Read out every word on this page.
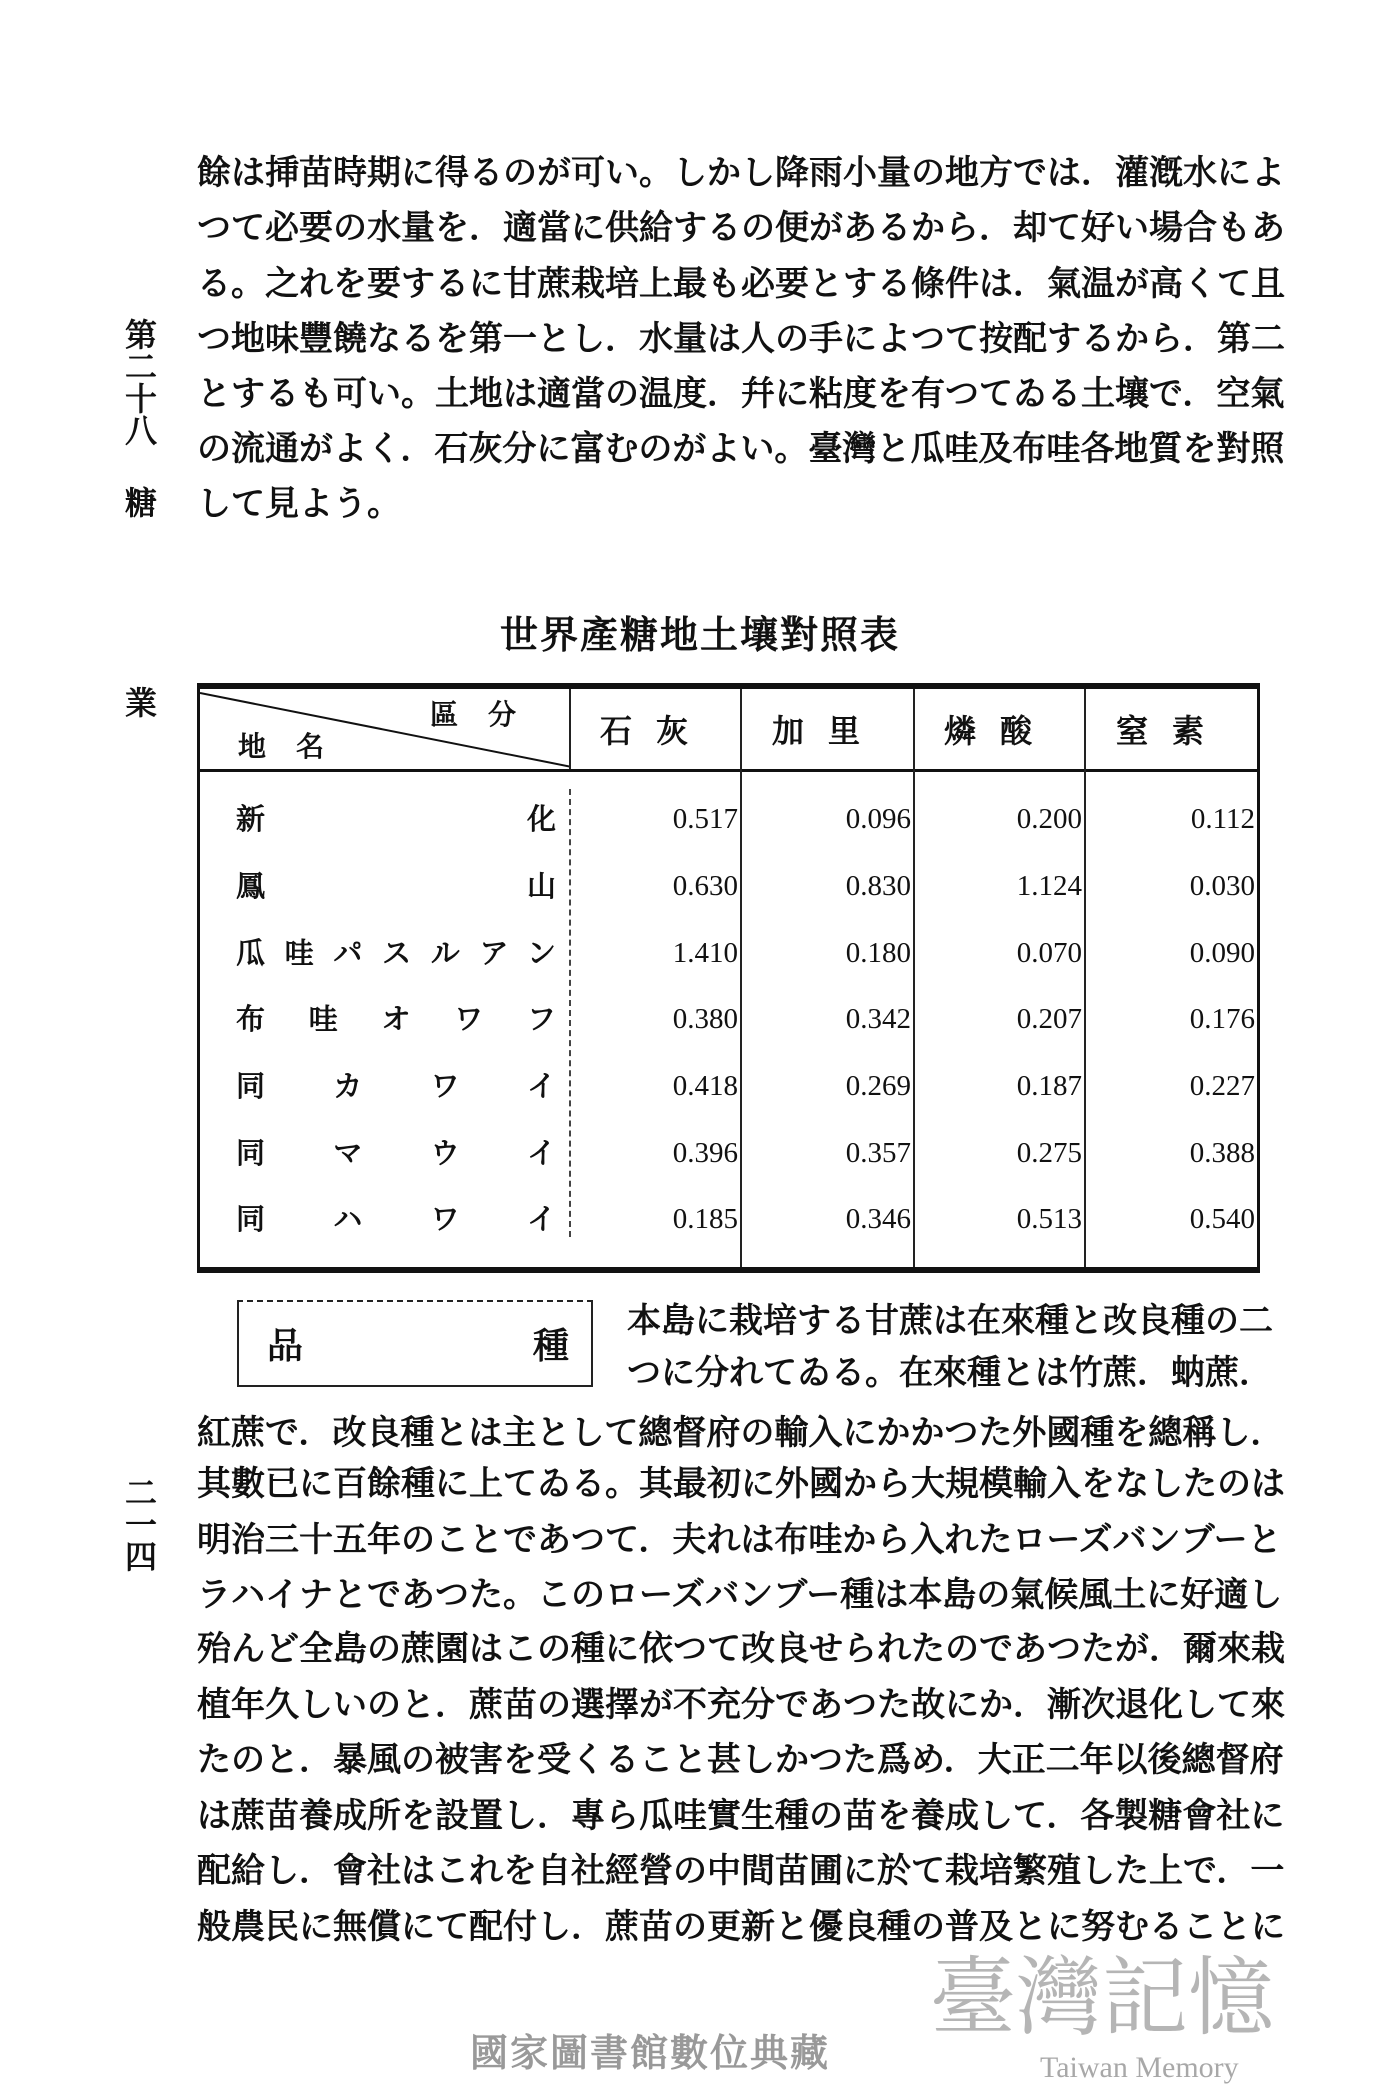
第二十八
糖
業
二一四
餘は挿苗時期に得るのが可い。しかし降雨小量の地方では．灌漑水によ
つて必要の水量を．適當に供給するの便があるから．却て好い場合もあ
る。之れを要するに甘蔗栽培上最も必要とする條件は．氣温が高くて且
つ地味豐饒なるを第一とし．水量は人の手によつて按配するから．第二
とするも可い。土地は適當の温度．幷に粘度を有つてゐる土壤で．空氣
の流通がよく．石灰分に富むのがよい。臺灣と瓜哇及布哇各地質を對照
して見よう。
世界產糖地土壤對照表
區分
地名	石灰	加里	燐酸	窒素
新　化	0.517	0.096	0.200	0.112
鳳　山	0.630	0.830	1.124	0.030
瓜哇パスルアン	1.410	0.180	0.070	0.090
布哇オワフ	0.380	0.342	0.207	0.176
同カワイ	0.418	0.269	0.187	0.227
同マウイ	0.396	0.357	0.275	0.388
同ハワイ	0.185	0.346	0.513	0.540
品	種
本島に栽培する甘蔗は在來種と改良種の二
つに分れてゐる。在來種とは竹蔗．蚋蔗．
紅蔗で．改良種とは主として總督府の輸入にかかつた外國種を總稱し．
其數已に百餘種に上てゐる。其最初に外國から大規模輸入をなしたのは
明治三十五年のことであつて．夫れは布哇から入れたローズバンブーと
ラハイナとであつた。このローズバンブー種は本島の氣候風土に好適し
殆んど全島の蔗園はこの種に依つて改良せられたのであつたが．爾來栽
植年久しいのと．蔗苗の選擇が不充分であつた故にか．漸次退化して來
たのと．暴風の被害を受くること甚しかつた爲め．大正二年以後總督府
は蔗苗養成所を設置し．專ら瓜哇實生種の苗を養成して．各製糖會社に
配給し．會社はこれを自社經營の中間苗圃に於て栽培繁殖した上で．一
般農民に無償にて配付し．蔗苗の更新と優良種の普及とに努むることに
國家圖書館數位典藏
臺灣記憶
Taiwan Memory
